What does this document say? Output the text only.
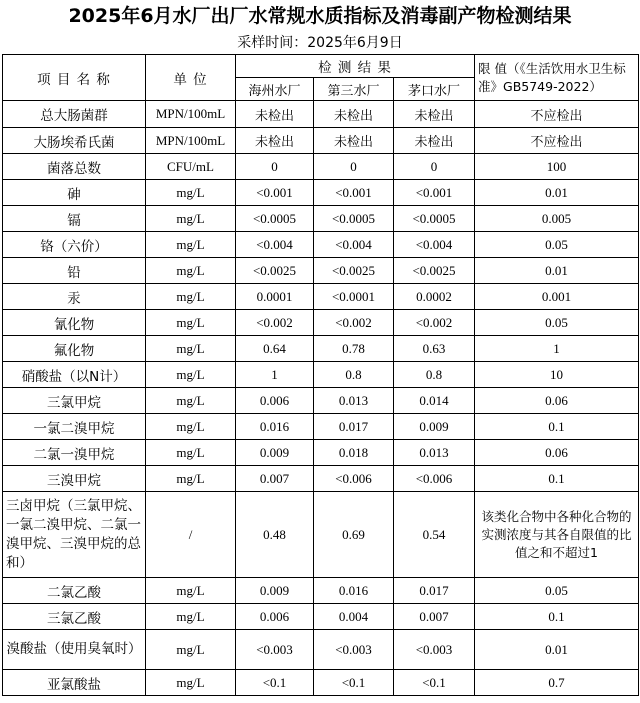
2025年6月水厂出厂水常规水质指标及消毒副产物检测结果
采样时间：2025年6月9日
项 目 名 称	单 位	检 测 结 果			限 值（《生活饮用水卫生标准》GB5749-2022）
		海州水厂	第三水厂	茅口水厂	
总大肠菌群	MPN/100mL	未检出	未检出	未检出	不应检出
大肠埃希氏菌	MPN/100mL	未检出	未检出	未检出	不应检出
菌落总数	CFU/mL	0	0	0	100
砷	mg/L	<0.001	<0.001	<0.001	0.01
镉	mg/L	<0.0005	<0.0005	<0.0005	0.005
铬（六价）	mg/L	<0.004	<0.004	<0.004	0.05
铅	mg/L	<0.0025	<0.0025	<0.0025	0.01
汞	mg/L	0.0001	<0.0001	0.0002	0.001
氰化物	mg/L	<0.002	<0.002	<0.002	0.05
氟化物	mg/L	0.64	0.78	0.63	1
硝酸盐（以N计）	mg/L	1	0.8	0.8	10
三氯甲烷	mg/L	0.006	0.013	0.014	0.06
一氯二溴甲烷	mg/L	0.016	0.017	0.009	0.1
二氯一溴甲烷	mg/L	0.009	0.018	0.013	0.06
三溴甲烷	mg/L	0.007	<0.006	<0.006	0.1
三卤甲烷（三氯甲烷、一氯二溴甲烷、二氯一溴甲烷、三溴甲烷的总和）	/	0.48	0.69	0.54	该类化合物中各种化合物的实测浓度与其各自限值的比值之和不超过1
二氯乙酸	mg/L	0.009	0.016	0.017	0.05
三氯乙酸	mg/L	0.006	0.004	0.007	0.1
溴酸盐（使用臭氧时）	mg/L	<0.003	<0.003	<0.003	0.01
亚氯酸盐	mg/L	<0.1	<0.1	<0.1	0.7
